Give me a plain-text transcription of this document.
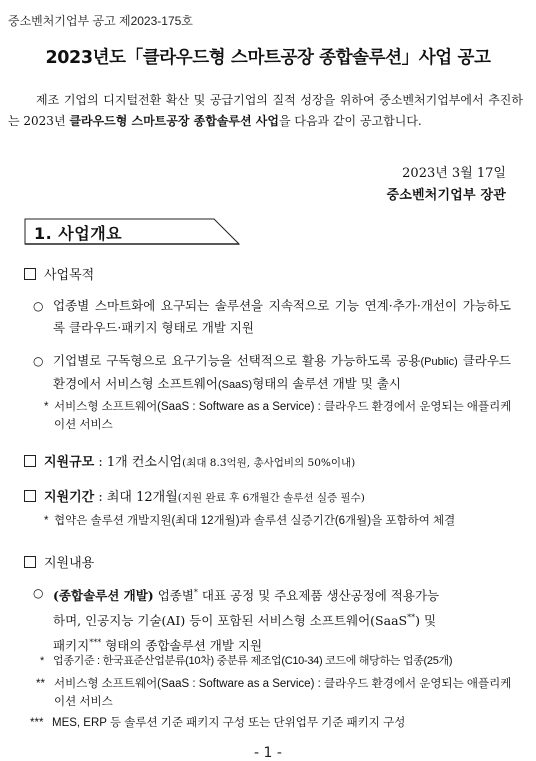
중소벤처기업부 공고 제2023-175호
2023년도「클라우드형 스마트공장 종합솔루션」사업 공고
제조 기업의 디지털전환 확산 및 공급기업의 질적 성장을 위하여 중소벤처기업부에서 추진하는 2023년 클라우드형 스마트공장 종합솔루션 사업을 다음과 같이 공고합니다.
2023년 3월 17일
중소벤처기업부 장관
1. 사업개요
사업목적
○ 업종별 스마트화에 요구되는 솔루션을 지속적으로 기능 연계·추가·개선이 가능하도록 클라우드·패키지 형태로 개발 지원
○ 기업별로 구독형으로 요구기능을 선택적으로 활용 가능하도록 공용(Public) 클라우드 환경에서 서비스형 소프트웨어(SaaS)형태의 솔루션 개발 및 출시
* 서비스형 소프트웨어(SaaS : Software as a Service) : 클라우드 환경에서 운영되는 애플리케이션 서비스
지원규모 : 1개 컨소시엄(최대 8.3억원, 총사업비의 50%이내)
지원기간 : 최대 12개월(지원 완료 후 6개월간 솔루션 실증 필수)
* 협약은 솔루션 개발지원(최대 12개월)과 솔루션 실증기간(6개월)을 포함하여 체결
지원내용
○ (종합솔루션 개발) 업종별* 대표 공정 및 주요제품 생산공정에 적용가능
하며, 인공지능 기술(AI) 등이 포함된 서비스형 소프트웨어(SaaS**) 및
패키지*** 형태의 종합솔루션 개발 지원
* 업종기준 : 한국표준산업분류(10차) 중분류 제조업(C10-34) 코드에 해당하는 업종(25개)
** 서비스형 소프트웨어(SaaS : Software as a Service) : 클라우드 환경에서 운영되는 애플리케이션 서비스
*** MES, ERP 등 솔루션 기준 패키지 구성 또는 단위업무 기준 패키지 구성
- 1 -
